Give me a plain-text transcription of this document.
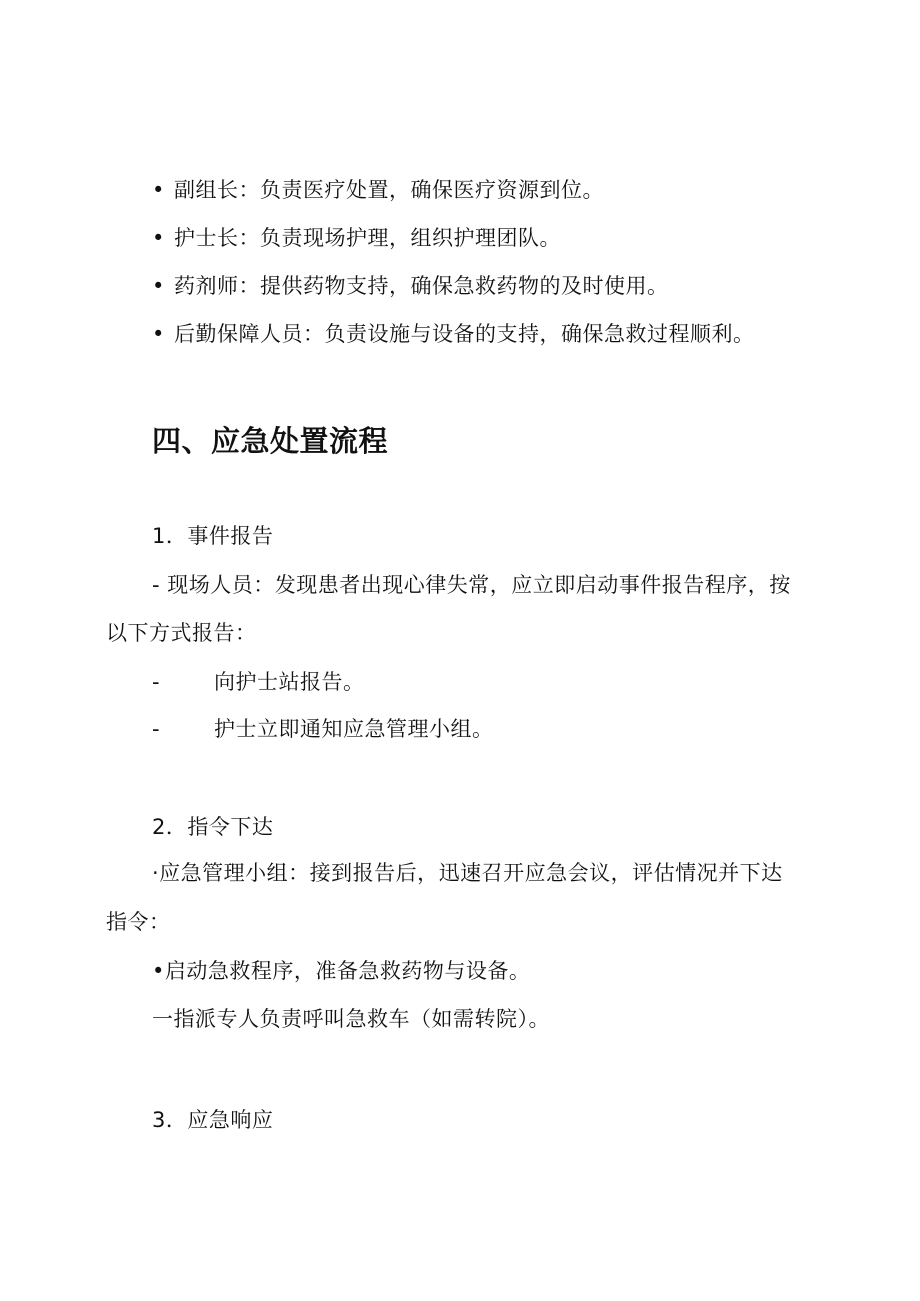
• 副组长：负责医疗处置，确保医疗资源到位。
• 护士长：负责现场护理，组织护理团队。
• 药剂师：提供药物支持，确保急救药物的及时使用。
• 后勤保障人员：负责设施与设备的支持，确保急救过程顺利。
四、应急处置流程
1．事件报告
- 现场人员：发现患者出现心律失常，应立即启动事件报告程序，按
以下方式报告：
-	向护士站报告。
-	护士立即通知应急管理小组。
2．指令下达
·应急管理小组：接到报告后，迅速召开应急会议，评估情况并下达
指令：
•启动急救程序，准备急救药物与设备。
一指派专人负责呼叫急救车（如需转院）。
3．应急响应
